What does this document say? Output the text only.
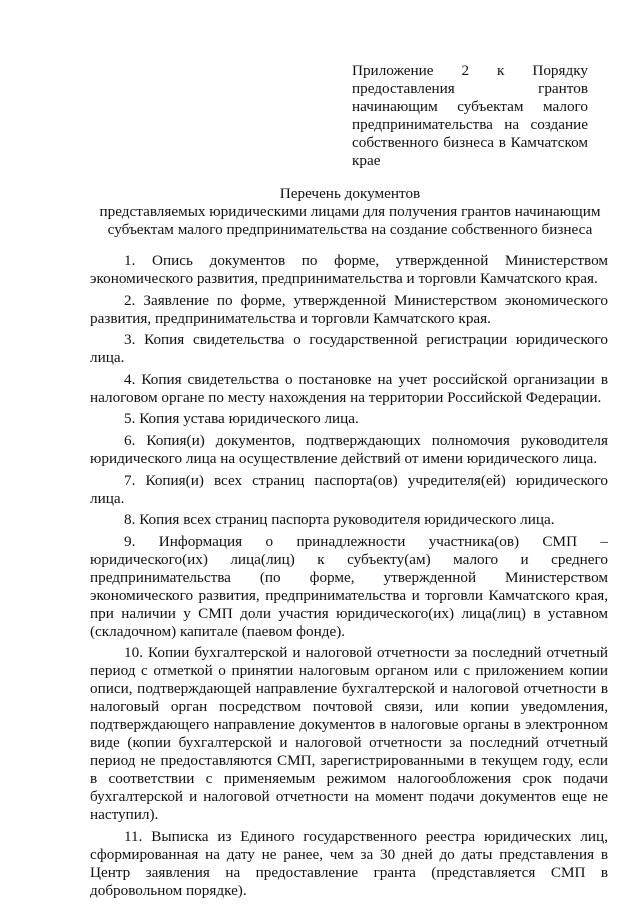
Приложение 2 к Порядку предоставления грантов начинающим субъектам малого предпринимательства на создание собственного бизнеса в Камчатском крае
Перечень документов
представляемых юридическими лицами для получения грантов начинающим субъектам малого предпринимательства на создание собственного бизнеса
1. Опись документов по форме, утвержденной Министерством экономического развития, предпринимательства и торговли Камчатского края.
2. Заявление по форме, утвержденной Министерством экономического развития, предпринимательства и торговли Камчатского края.
3. Копия свидетельства о государственной регистрации юридического лица.
4. Копия свидетельства о постановке на учет российской организации в налоговом органе по месту нахождения на территории Российской Федерации.
5. Копия устава юридического лица.
6. Копия(и) документов, подтверждающих полномочия руководителя юридического лица на осуществление действий от имени юридического лица.
7. Копия(и) всех страниц паспорта(ов) учредителя(ей) юридического лица.
8. Копия всех страниц паспорта руководителя юридического лица.
9. Информация о принадлежности участника(ов) СМП – юридического(их) лица(лиц) к субъекту(ам) малого и среднего предпринимательства (по форме, утвержденной Министерством экономического развития, предпринимательства и торговли Камчатского края, при наличии у СМП доли участия юридического(их) лица(лиц) в уставном (складочном) капитале (паевом фонде).
10. Копии бухгалтерской и налоговой отчетности за последний отчетный период с отметкой о принятии налоговым органом или с приложением копии описи, подтверждающей направление бухгалтерской и налоговой отчетности в налоговый орган посредством почтовой связи, или копии уведомления, подтверждающего направление документов в налоговые органы в электронном виде (копии бухгалтерской и налоговой отчетности за последний отчетный период не предоставляются СМП, зарегистрированными в текущем году, если в соответствии с применяемым режимом налогообложения срок подачи бухгалтерской и налоговой отчетности на момент подачи документов еще не наступил).
11. Выписка из Единого государственного реестра юридических лиц, сформированная на дату не ранее, чем за 30 дней до даты представления в Центр заявления на предоставление гранта (представляется СМП в добровольном порядке).
